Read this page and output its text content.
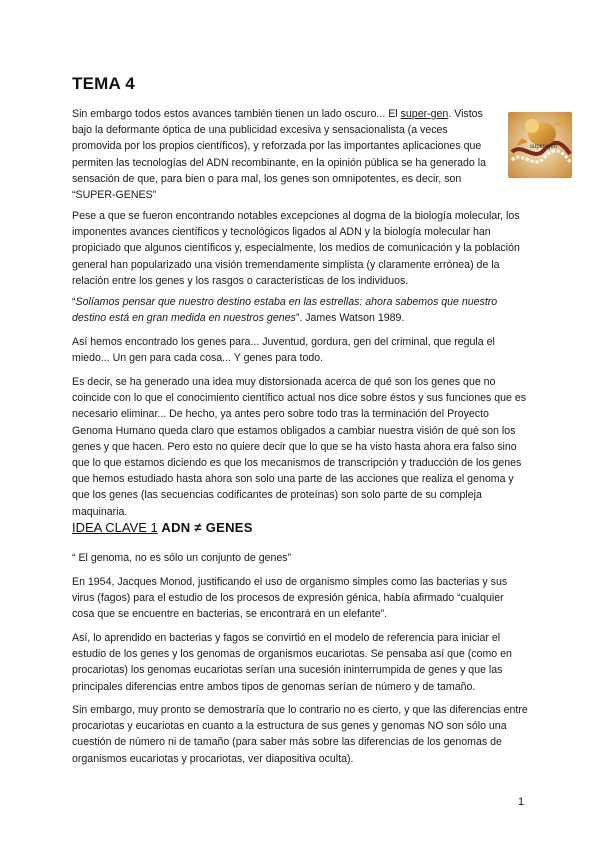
TEMA 4

Sin embargo todos estos avances también tienen un lado oscuro... El super-gen. Vistos bajo la deformante óptica de una publicidad excesiva y sensacionalista (a veces promovida por los propios científicos), y reforzada por las importantes aplicaciones que permiten las tecnologías del ADN recombinante, en la opinión pública se ha generado la sensación de que, para bien o para mal, los genes son omnipotentes, es decir, son “SUPER-GENES”

super-gen

Pese a que se fueron encontrando notables excepciones al dogma de la biología molecular, los imponentes avances científicos y tecnológicos ligados al ADN y la biología molecular han propiciado que algunos científicos y, especialmente, los medios de comunicación y la población general han popularizado una visión tremendamente simplista (y claramente errónea) de la relación entre los genes y los rasgos o características de los individuos.

“Solíamos pensar que nuestro destino estaba en las estrellas: ahora sabemos que nuestro destino está en gran medida en nuestros genes”. James Watson 1989.

Así hemos encontrado los genes para... Juventud, gordura, gen del criminal, que regula el miedo... Un gen para cada cosa... Y genes para todo.

Es decir, se ha generado una idea muy distorsionada acerca de qué son los genes que no coincide con lo que el conocimiento científico actual nos dice sobre éstos y sus funciones que es necesario eliminar... De hecho, ya antes pero sobre todo tras la terminación del Proyecto Genoma Humano queda claro que estamos obligados a cambiar nuestra visión de qué son los genes y que hacen. Pero esto no quiere decir que lo que se ha visto hasta ahora era falso sino que lo que estamos diciendo es que los mecanismos de transcripción y traducción de los genes que hemos estudiado hasta ahora son solo una parte de las acciones que realiza el genoma y que los genes (las secuencias codificantes de proteínas) son solo parte de su compleja maquinaria.

IDEA CLAVE 1 ADN ≠ GENES

“ El genoma, no es sólo un conjunto de genes”

En 1954, Jacques Monod, justificando el uso de organismo simples como las bacterias y sus virus (fagos) para el estudio de los procesos de expresión génica, había afirmado “cualquier cosa que se encuentre en bacterias, se encontrará en un elefante”.

Así, lo aprendido en bacterias y fagos se convirtió en el modelo de referencia para iniciar el estudio de los genes y los genomas de organismos eucariotas. Se pensaba así que (como en procariotas) los genomas eucariotas serían una sucesión ininterrumpida de genes y que las principales diferencias entre ambos tipos de genomas serían de número y de tamaño.

Sin embargo, muy pronto se demostraría que lo contrario no es cierto, y que las diferencias entre procariotas y eucariotas en cuanto a la estructura de sus genes y genomas NO son sólo una cuestión de número ni de tamaño (para saber más sobre las diferencias de los genomas de organismos eucariotas y procariotas, ver diapositiva oculta).

1
